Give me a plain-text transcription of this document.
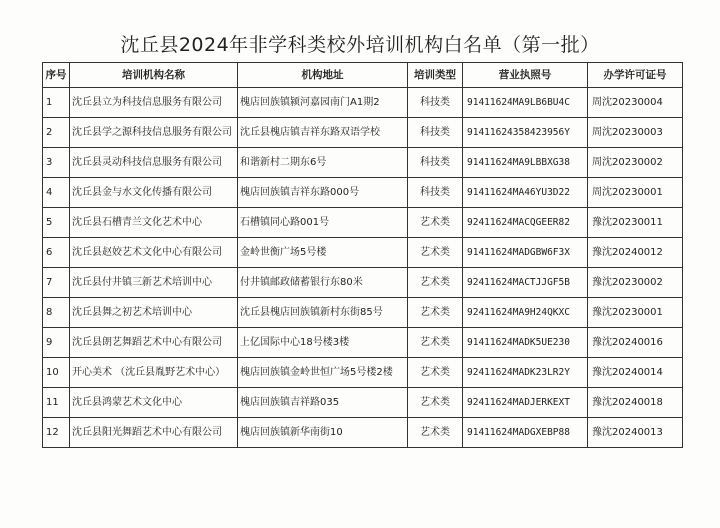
沈丘县2024年非学科类校外培训机构白名单（第一批）
序号	培训机构名称	机构地址	培训类型	营业执照号	办学许可证号
1	沈丘县立为科技信息服务有限公司	槐店回族镇颍河嘉园南门A1期2	科技类	91411624MA9LB6BU4C	周沈20230004
2	沈丘县学之源科技信息服务有限公司	沈丘县槐店镇吉祥东路双语学校	科技类	91411624358423956Y	周沈20230003
3	沈丘县灵动科技信息服务有限公司	和谐新村二期东6号	科技类	91411624MA9LBBXG38	周沈20230002
4	沈丘县金与水文化传播有限公司	槐店回族镇吉祥东路000号	科技类	91411624MA46YU3D22	周沈20230001
5	沈丘县石槽青兰文化艺术中心	石槽镇同心路001号	艺术类	92411624MACQGEER82	豫沈20230011
6	沈丘县赵姣艺术文化中心有限公司	金岭世衡广场5号楼	艺术类	91411624MADGBW6F3X	豫沈20240012
7	沈丘县付井镇三新艺术培训中心	付井镇邮政储蓄银行东80米	艺术类	92411624MACTJJGF5B	豫沈20230002
8	沈丘县舞之初艺术培训中心	沈丘县槐店回族镇新村东街85号	艺术类	92411624MA9H24QKXC	豫沈20230001
9	沈丘县朗艺舞蹈艺术中心有限公司	上亿国际中心18号楼3楼	艺术类	91411624MADK5UE230	豫沈20240016
10	开心美术 （沈丘县胤野艺术中心）	槐店回族镇金岭世恒广场5号楼2楼	艺术类	92411624MADK23LR2Y	豫沈20240014
11	沈丘县鸿蒙艺术文化中心	槐店回族镇吉祥路035	艺术类	92411624MADJERKEXT	豫沈20240018
12	沈丘县阳光舞蹈艺术中心有限公司	槐店回族镇新华南街10	艺术类	91411624MADGXEBP88	豫沈20240013
